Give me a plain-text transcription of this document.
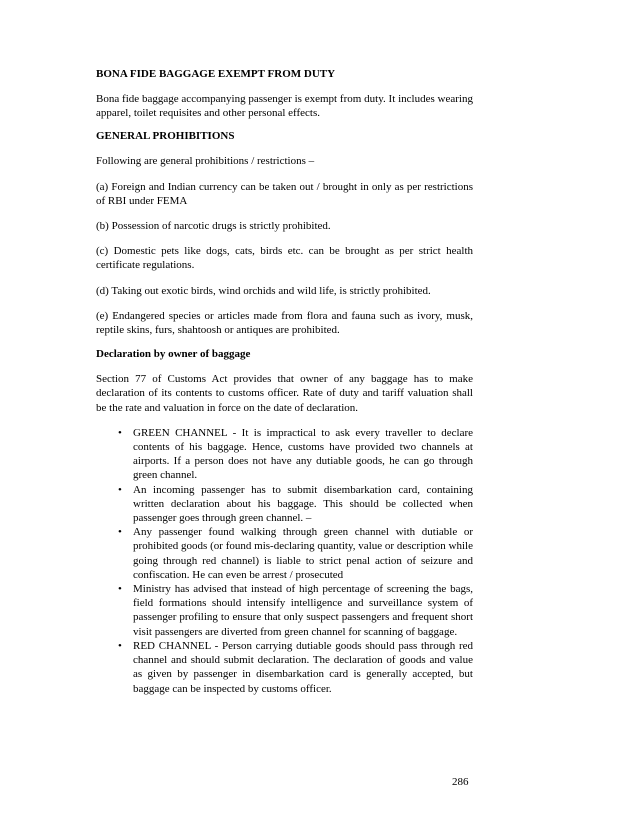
BONA FIDE BAGGAGE EXEMPT FROM DUTY

Bona fide baggage accompanying passenger is exempt from duty. It includes wearing apparel, toilet requisites and other personal effects.

GENERAL PROHIBITIONS

Following are general prohibitions / restrictions –

(a) Foreign and Indian currency can be taken out / brought in only as per restrictions of RBI under FEMA

(b) Possession of narcotic drugs is strictly prohibited.

(c) Domestic pets like dogs, cats, birds etc. can be brought as per strict health certificate regulations.

(d) Taking out exotic birds, wind orchids and wild life, is strictly prohibited.

(e) Endangered species or articles made from flora and fauna such as ivory, musk, reptile skins, furs, shahtoosh or antiques are prohibited.

Declaration by owner of baggage

Section 77 of Customs Act provides that owner of any baggage has to make declaration of its contents to customs officer. Rate of duty and tariff valuation shall be the rate and valuation in force on the date of declaration.

• GREEN CHANNEL - It is impractical to ask every traveller to declare contents of his baggage. Hence, customs have provided two channels at airports. If a person does not have any dutiable goods, he can go through green channel.
• An incoming passenger has to submit disembarkation card, containing written declaration about his baggage. This should be collected when passenger goes through green channel. –
• Any passenger found walking through green channel with dutiable or prohibited goods (or found mis-declaring quantity, value or description while going through red channel) is liable to strict penal action of seizure and confiscation. He can even be arrest / prosecuted
• Ministry has advised that instead of high percentage of screening the bags, field formations should intensify intelligence and surveillance system of passenger profiling to ensure that only suspect passengers and frequent short visit passengers are diverted from green channel for scanning of baggage.
• RED CHANNEL - Person carrying dutiable goods should pass through red channel and should submit declaration. The declaration of goods and value as given by passenger in disembarkation card is generally accepted, but baggage can be inspected by customs officer.
286
